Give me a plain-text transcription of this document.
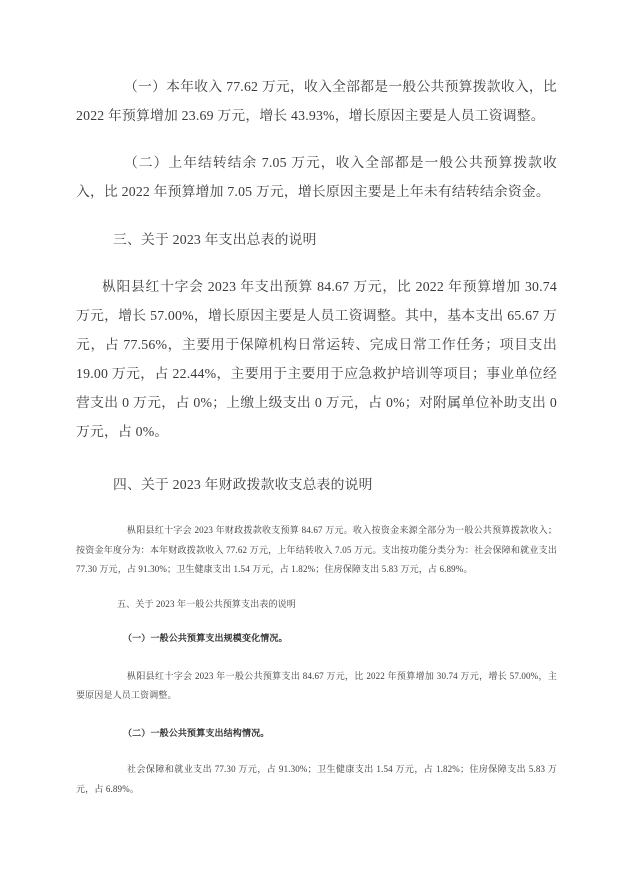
（一）本年收入 77.62 万元，收入全部都是一般公共预算拨款收入，比 2022 年预算增加 23.69 万元，增长 43.93%，增长原因主要是人员工资调整。

（二）上年结转结余 7.05 万元，收入全部都是一般公共预算拨款收入，比 2022 年预算增加 7.05 万元，增长原因主要是上年未有结转结余资金。

三、关于 2023 年支出总表的说明

枞阳县红十字会 2023 年支出预算 84.67 万元，比 2022 年预算增加 30.74 万元，增长 57.00%，增长原因主要是人员工资调整。其中，基本支出 65.67 万元，占 77.56%，主要用于保障机构日常运转、完成日常工作任务；项目支出 19.00 万元，占 22.44%，主要用于主要用于应急救护培训等项目；事业单位经营支出 0 万元，占 0%；上缴上级支出 0 万元，占 0%；对附属单位补助支出 0 万元，占 0%。

四、关于 2023 年财政拨款收支总表的说明

枞阳县红十字会 2023 年财政拨款收支预算 84.67 万元。收入按资金来源全部分为一般公共预算拨款收入；按资金年度分为：本年财政拨款收入 77.62 万元，上年结转收入 7.05 万元。支出按功能分类分为：社会保障和就业支出 77.30 万元，占 91.30%；卫生健康支出 1.54 万元，占 1.82%；住房保障支出 5.83 万元，占 6.89%。

五、关于 2023 年一般公共预算支出表的说明

（一）一般公共预算支出规模变化情况。

枞阳县红十字会 2023 年一般公共预算支出 84.67 万元，比 2022 年预算增加 30.74 万元，增长 57.00%，主要原因是人员工资调整。

（二）一般公共预算支出结构情况。

社会保障和就业支出 77.30 万元，占 91.30%；卫生健康支出 1.54 万元，占 1.82%；住房保障支出 5.83 万元，占 6.89%。
